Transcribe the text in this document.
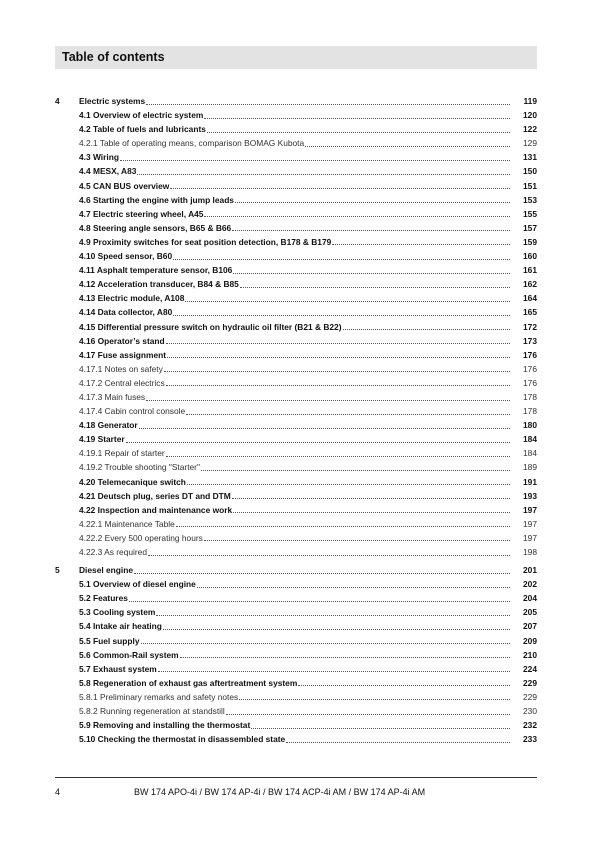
Table of contents
4 Electric systems	119
4.1 Overview of electric system	120
4.2 Table of fuels and lubricants	122
4.2.1 Table of operating means, comparison BOMAG Kubota	129
4.3 Wiring	131
4.4 MESX, A83	150
4.5 CAN BUS overview	151
4.6 Starting the engine with jump leads	153
4.7 Electric steering wheel, A45	155
4.8 Steering angle sensors, B65 & B66	157
4.9 Proximity switches for seat position detection, B178 & B179	159
4.10 Speed sensor, B60	160
4.11 Asphalt temperature sensor, B106	161
4.12 Acceleration transducer, B84 & B85	162
4.13 Electric module, A108	164
4.14 Data collector, A80	165
4.15 Differential pressure switch on hydraulic oil filter (B21 & B22)	172
4.16 Operator’s stand	173
4.17 Fuse assignment	176
4.17.1 Notes on safety	176
4.17.2 Central electrics	176
4.17.3 Main fuses	178
4.17.4 Cabin control console	178
4.18 Generator	180
4.19 Starter	184
4.19.1 Repair of starter	184
4.19.2 Trouble shooting "Starter"	189
4.20 Telemecanique switch	191
4.21 Deutsch plug, series DT and DTM	193
4.22 Inspection and maintenance work	197
4.22.1 Maintenance Table	197
4.22.2 Every 500 operating hours	197
4.22.3 As required	198
5 Diesel engine	201
5.1 Overview of diesel engine	202
5.2 Features	204
5.3 Cooling system	205
5.4 Intake air heating	207
5.5 Fuel supply	209
5.6 Common-Rail system	210
5.7 Exhaust system	224
5.8 Regeneration of exhaust gas aftertreatment system	229
5.8.1 Preliminary remarks and safety notes	229
5.8.2 Running regeneration at standstill	230
5.9 Removing and installing the thermostat	232
5.10 Checking the thermostat in disassembled state	233
4	BW 174 APO-4i / BW 174 AP-4i / BW 174 ACP-4i AM / BW 174 AP-4i AM
